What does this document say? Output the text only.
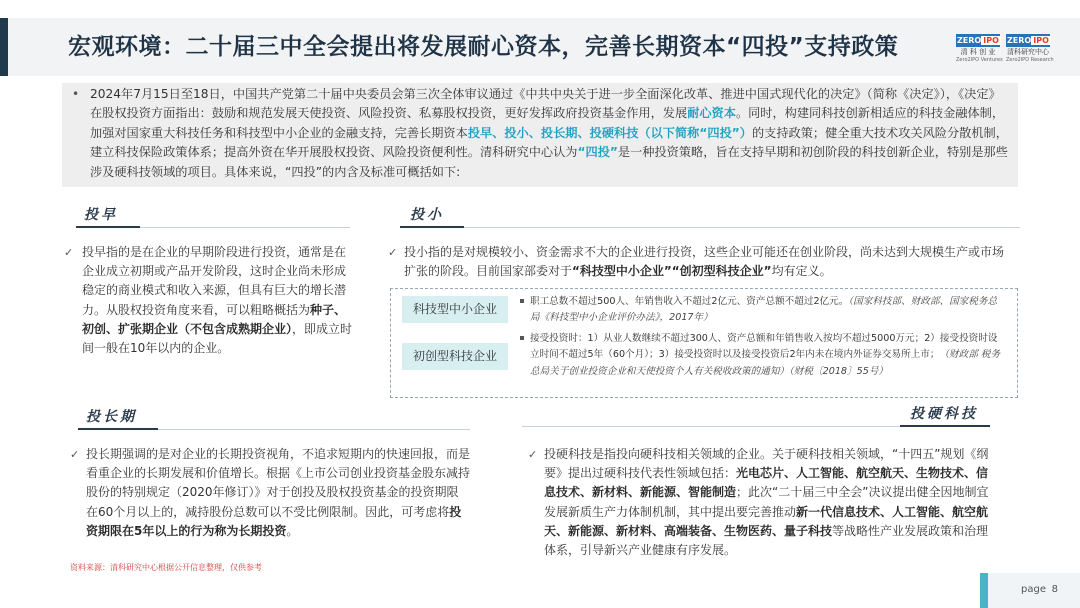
宏观环境：二十届三中全会提出将发展耐心资本，完善长期资本“四投”支持政策	ZERO IPO
清 科 创 业
Zero2IPO Ventures
ZERO IPO
清科研究中心
Zero2IPO Research
• 2024年7月15日至18日，中国共产党第二十届中央委员会第三次全体审议通过《中共中央关于进一步全面深化改革、推进中国式现代化的决定》（简称《决定》），《决定》在股权投资方面指出：鼓励和规范发展天使投资、风险投资、私募股权投资，更好发挥政府投资基金作用，发展耐心资本。同时，构建同科技创新相适应的科技金融体制，加强对国家重大科技任务和科技型中小企业的金融支持，完善长期资本投早、投小、投长期、投硬科技（以下简称“四投”）的支持政策；健全重大技术攻关风险分散机制，建立科技保险政策体系；提高外资在华开展股权投资、风险投资便利性。清科研究中心认为“四投”是一种投资策略，旨在支持早期和初创阶段的科技创新企业，特别是那些涉及硬科技领域的项目。具体来说，“四投”的内含及标准可概括如下:
投早
✓ 投早指的是在企业的早期阶段进行投资，通常是在企业成立初期或产品开发阶段，这时企业尚未形成稳定的商业模式和收入来源，但具有巨大的增长潜力。从股权投资角度来看，可以粗略概括为种子、初创、扩张期企业（不包含成熟期企业），即成立时间一般在10年以内的企业。
投小
✓ 投小指的是对规模较小、资金需求不大的企业进行投资，这些企业可能还在创业阶段，尚未达到大规模生产或市场扩张的阶段。目前国家部委对于“科技型中小企业”“创初型科技企业”均有定义。
科技型中小企业
初创型科技企业
职工总数不超过500人、年销售收入不超过2亿元、资产总额不超过2亿元。（国家科技部、财政部、国家税务总局《科技型中小企业评价办法》，2017年）
接受投资时：1）从业人数继续不超过300人、资产总额和年销售收入按均不超过5000万元；2）接受投资时设立时间不超过5年（60个月）；3）接受投资时以及接受投资后2年内未在境内外证券交易所上市；（财政部 税务总局关于创业投资企业和天使投资个人有关税收政策的通知）（财税〔2018〕55号）
投长期
✓ 投长期强调的是对企业的长期投资视角，不追求短期内的快速回报，而是看重企业的长期发展和价值增长。根据《上市公司创业投资基金股东减持股份的特别规定（2020年修订）》对于创投及股权投资基金的投资期限在60个月以上的，减持股份总数可以不受比例限制。因此，可考虑将投资期限在5年以上的行为称为长期投资。
投硬科技
✓ 投硬科技是指投向硬科技相关领域的企业。关于硬科技相关领域，“十四五”规划《纲要》提出过硬科技代表性领域包括：光电芯片、人工智能、航空航天、生物技术、信息技术、新材料、新能源、智能制造；此次“二十届三中全会”决议提出健全因地制宜发展新质生产力体制机制，其中提出要完善推动新一代信息技术、人工智能、航空航天、新能源、新材料、高端装备、生物医药、量子科技等战略性产业发展政策和治理体系，引导新兴产业健康有序发展。
资料来源：清科研究中心根据公开信息整理，仅供参考
page 8
